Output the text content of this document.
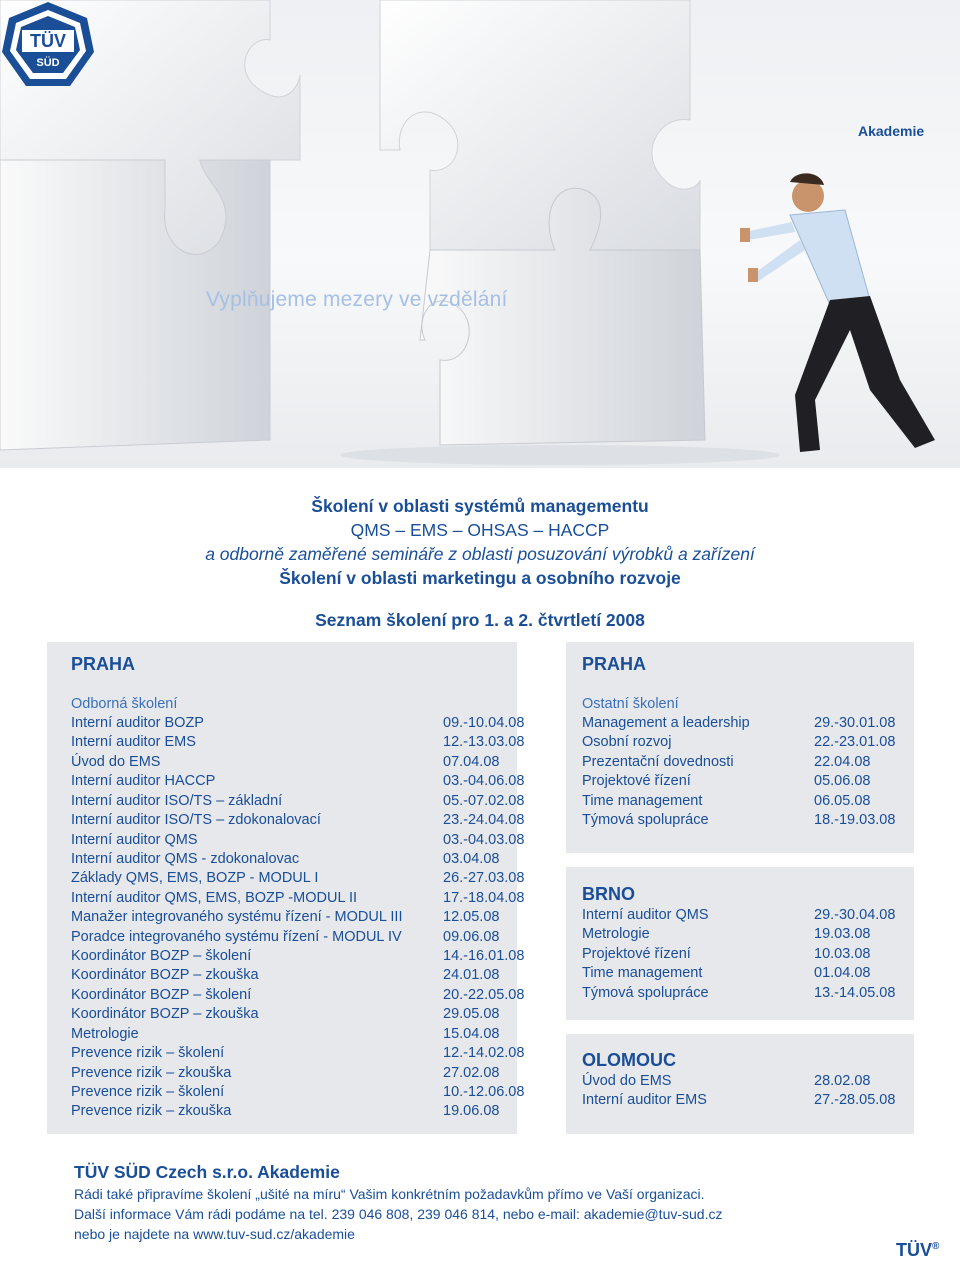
Vyplňujeme mezery ve vzdělání
TÜV
SÜD
Akademie
Školení v oblasti systémů managementu
QMS – EMS – OHSAS – HACCP
a odborně zaměřené semináře z oblasti posuzování výrobků a zařízení
Školení v oblasti marketingu a osobního rozvoje
Seznam školení pro 1. a 2. čtvrtletí 2008
PRAHA
Odborná školení
Interní auditor BOZP	09.-10.04.08
Interní auditor EMS	12.-13.03.08
Úvod do EMS	07.04.08
Interní auditor HACCP	03.-04.06.08
Interní auditor ISO/TS – základní	05.-07.02.08
Interní auditor ISO/TS – zdokonalovací	23.-24.04.08
Interní auditor QMS	03.-04.03.08
Interní auditor QMS - zdokonalovac	03.04.08
Základy QMS, EMS, BOZP - MODUL I	26.-27.03.08
Interní auditor QMS, EMS, BOZP -MODUL II	17.-18.04.08
Manažer integrovaného systému řízení - MODUL III	12.05.08
Poradce integrovaného systému řízení - MODUL IV	09.06.08
Koordinátor BOZP – školení	14.-16.01.08
Koordinátor BOZP – zkouška	24.01.08
Koordinátor BOZP – školení	20.-22.05.08
Koordinátor BOZP – zkouška	29.05.08
Metrologie	15.04.08
Prevence rizik – školení	12.-14.02.08
Prevence rizik – zkouška	27.02.08
Prevence rizik – školení	10.-12.06.08
Prevence rizik – zkouška	19.06.08
PRAHA
Ostatní školení
Management a leadership	29.-30.01.08
Osobní rozvoj	22.-23.01.08
Prezentační dovednosti	22.04.08
Projektové řízení	05.06.08
Time management	06.05.08
Týmová spolupráce	18.-19.03.08
BRNO
Interní auditor QMS	29.-30.04.08
Metrologie	19.03.08
Projektové řízení	10.03.08
Time management	01.04.08
Týmová spolupráce	13.-14.05.08
OLOMOUC
Úvod do EMS	28.02.08
Interní auditor EMS	27.-28.05.08
TÜV SÜD Czech s.r.o. Akademie
Rádi také připravíme školení „ušité na míru“ Vašim konkrétním požadavkům přímo ve Vaší organizaci.
Další informace Vám rádi podáme na tel. 239 046 808, 239 046 814, nebo e-mail: akademie@tuv-sud.cz
nebo je najdete na www.tuv-sud.cz/akademie
TÜV®
